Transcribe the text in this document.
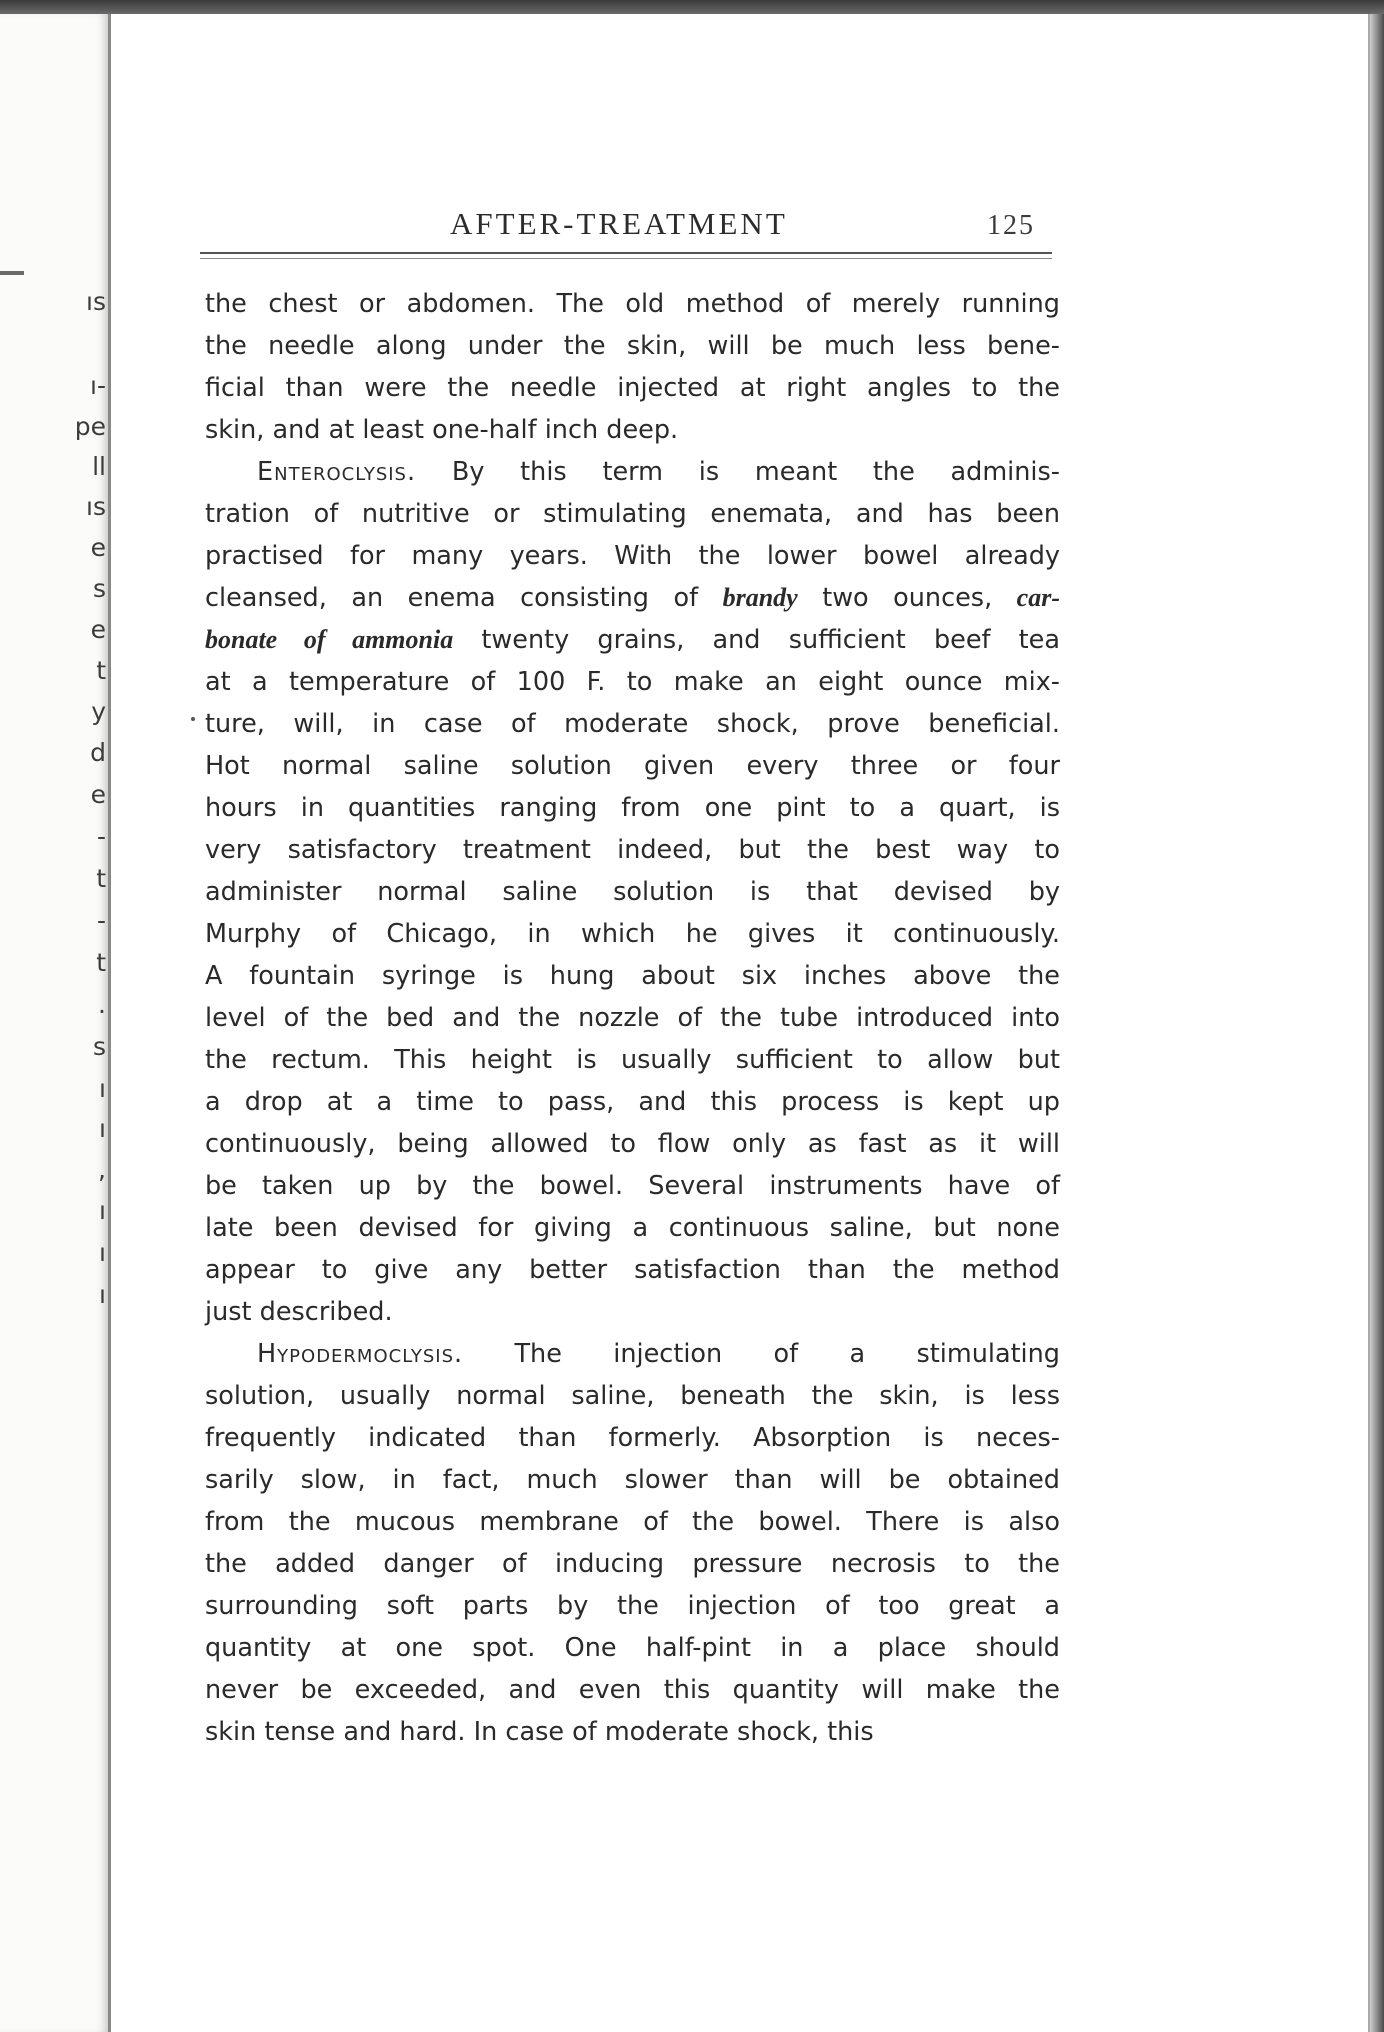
ıs
ı-
pe
ll
ıs
e
s
e
t
y
d
e
-
t
-
t
.
s
ı
ı
,
ı
ı
ı
AFTER-TREATMENT	125
the chest or abdomen. The old method of merely running
the needle along under the skin, will be much less bene-
ficial than were the needle injected at right angles to the
skin, and at least one-half inch deep.
Enteroclysis. By this term is meant the adminis-
tration of nutritive or stimulating enemata, and has been
practised for many years. With the lower bowel already
cleansed, an enema consisting of brandy two ounces, car-
bonate of ammonia twenty grains, and sufficient beef tea
at a temperature of 100 F. to make an eight ounce mix-
ture, will, in case of moderate shock, prove beneficial.
Hot normal saline solution given every three or four
hours in quantities ranging from one pint to a quart, is
very satisfactory treatment indeed, but the best way to
administer normal saline solution is that devised by
Murphy of Chicago, in which he gives it continuously.
A fountain syringe is hung about six inches above the
level of the bed and the nozzle of the tube introduced into
the rectum. This height is usually sufficient to allow but
a drop at a time to pass, and this process is kept up
continuously, being allowed to flow only as fast as it will
be taken up by the bowel. Several instruments have of
late been devised for giving a continuous saline, but none
appear to give any better satisfaction than the method
just described.
Hypodermoclysis. The injection of a stimulating
solution, usually normal saline, beneath the skin, is less
frequently indicated than formerly. Absorption is neces-
sarily slow, in fact, much slower than will be obtained
from the mucous membrane of the bowel. There is also
the added danger of inducing pressure necrosis to the
surrounding soft parts by the injection of too great a
quantity at one spot. One half-pint in a place should
never be exceeded, and even this quantity will make the
skin tense and hard. In case of moderate shock, this
